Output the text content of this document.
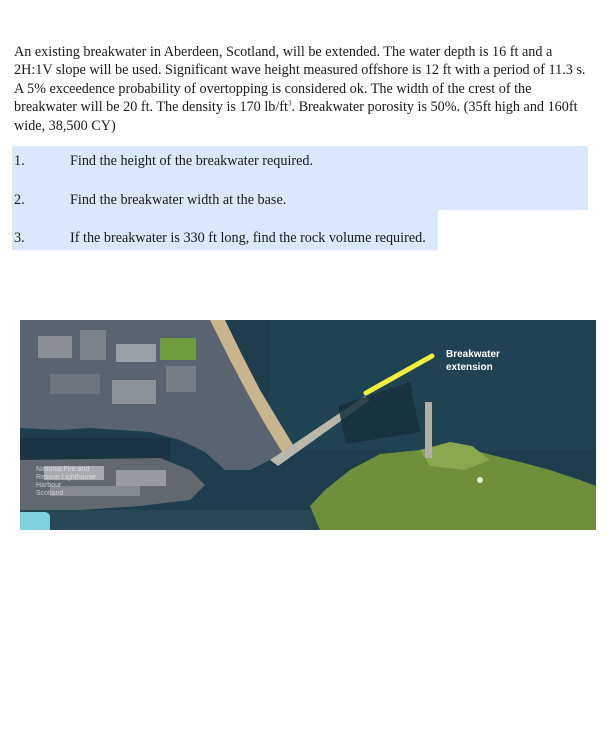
An existing breakwater in Aberdeen, Scotland, will be extended. The water depth is 16 ft and a 2H:1V slope will be used. Significant wave height measured offshore is 12 ft with a period of 11.3 s. A 5% exceedence probability of overtopping is considered ok. The width of the crest of the breakwater will be 20 ft. The density is 170 $lb/ft^3$. Breakwater porosity is 50%. (35ft high and 160ft wide, 38,500 CY)

1.	Find the height of the breakwater required.
2.	Find the breakwater width at the base.
3.	If the breakwater is 330 ft long, find the rock volume required.
Breakwater
extension
National Fire and
Rescue Lighthouse
Harbour
Scotland
